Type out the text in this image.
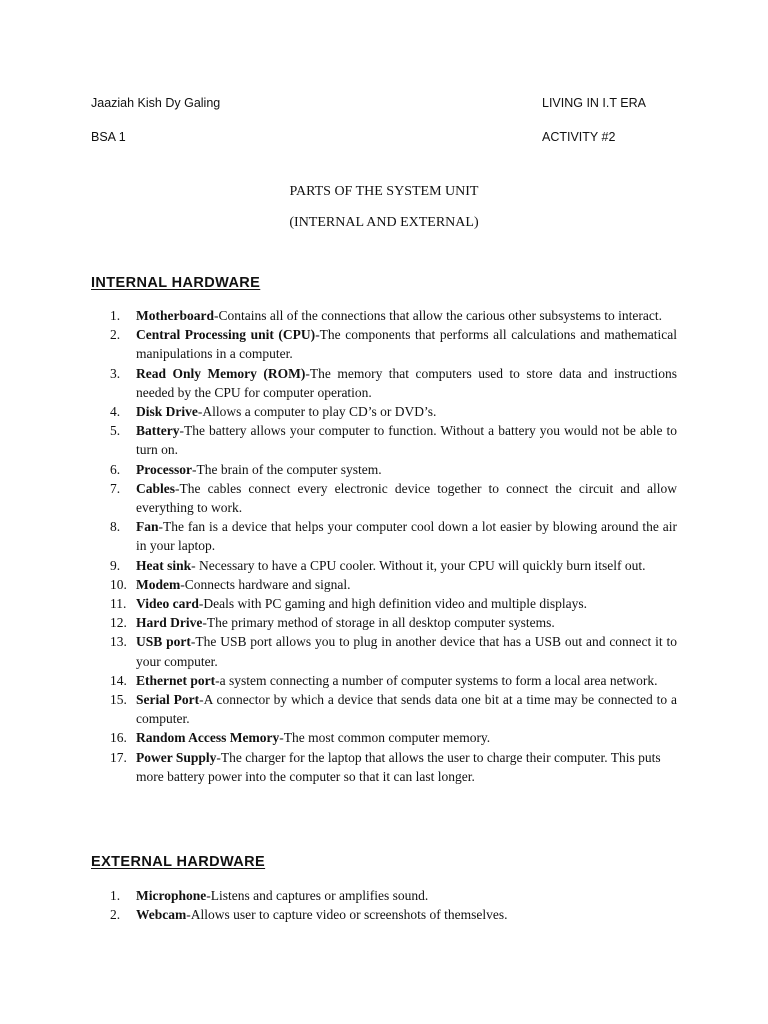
Jaaziah Kish Dy Galing	LIVING IN I.T ERA
BSA 1	ACTIVITY #2
PARTS OF THE SYSTEM UNIT
(INTERNAL AND EXTERNAL)
INTERNAL HARDWARE
1. Motherboard-Contains all of the connections that allow the carious other subsystems to interact.
2. Central Processing unit (CPU)-The components that performs all calculations and mathematical manipulations in a computer.
3. Read Only Memory (ROM)-The memory that computers used to store data and instructions needed by the CPU for computer operation.
4. Disk Drive-Allows a computer to play CD’s or DVD’s.
5. Battery-The battery allows your computer to function. Without a battery you would not be able to turn on.
6. Processor-The brain of the computer system.
7. Cables-The cables connect every electronic device together to connect the circuit and allow everything to work.
8. Fan-The fan is a device that helps your computer cool down a lot easier by blowing around the air in your laptop.
9. Heat sink- Necessary to have a CPU cooler. Without it, your CPU will quickly burn itself out.
10. Modem-Connects hardware and signal.
11. Video card-Deals with PC gaming and high definition video and multiple displays.
12. Hard Drive-The primary method of storage in all desktop computer systems.
13. USB port-The USB port allows you to plug in another device that has a USB out and connect it to your computer.
14. Ethernet port-a system connecting a number of computer systems to form a local area network.
15. Serial Port-A connector by which a device that sends data one bit at a time may be connected to a computer.
16. Random Access Memory-The most common computer memory.
17. Power Supply-The charger for the laptop that allows the user to charge their computer. This puts more battery power into the computer so that it can last longer.
EXTERNAL HARDWARE
1. Microphone-Listens and captures or amplifies sound.
2. Webcam-Allows user to capture video or screenshots of themselves.
